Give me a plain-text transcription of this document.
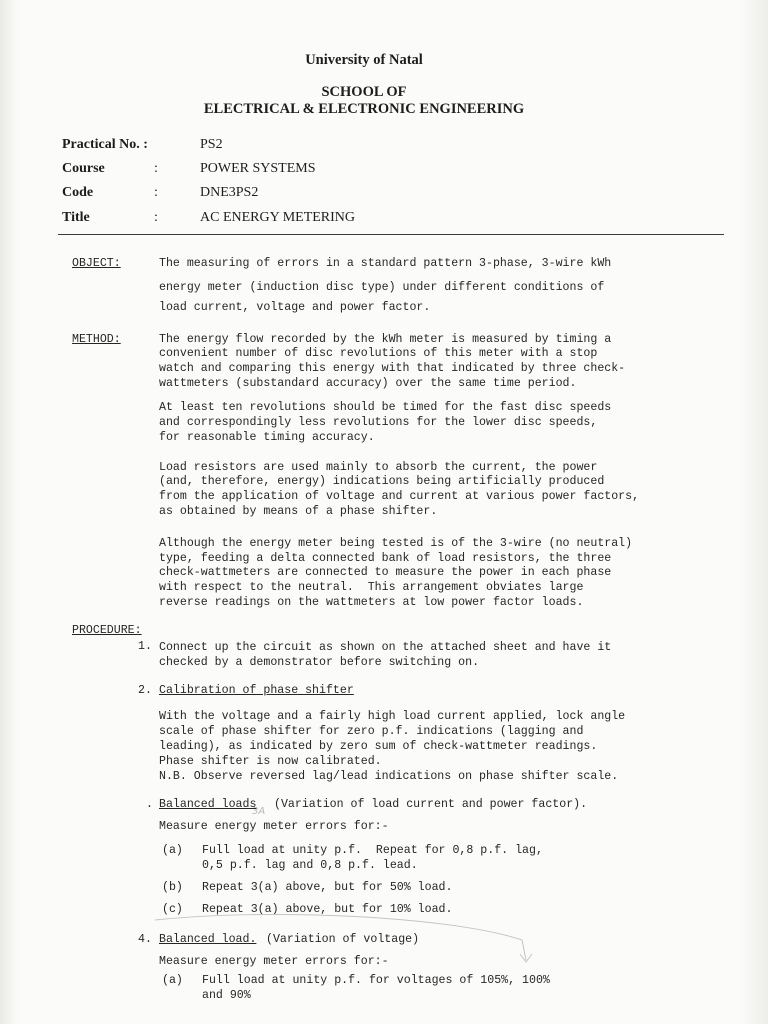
University of Natal
SCHOOL OF
ELECTRICAL & ELECTRONIC ENGINEERING
Practical No. :	PS2
Course	:	POWER SYSTEMS
Code	:	DNE3PS2
Title	:	AC ENERGY METERING
OBJECT:	The measuring of errors in a standard pattern 3-phase, 3-wire kWh
energy meter (induction disc type) under different conditions of
load current, voltage and power factor.
METHOD:	The energy flow recorded by the kWh meter is measured by timing a
convenient number of disc revolutions of this meter with a stop
watch and comparing this energy with that indicated by three check-
wattmeters (substandard accuracy) over the same time period.
At least ten revolutions should be timed for the fast disc speeds
and correspondingly less revolutions for the lower disc speeds,
for reasonable timing accuracy.
Load resistors are used mainly to absorb the current, the power
(and, therefore, energy) indications being artificially produced
from the application of voltage and current at various power factors,
as obtained by means of a phase shifter.
Although the energy meter being tested is of the 3-wire (no neutral)
type, feeding a delta connected bank of load resistors, the three
check-wattmeters are connected to measure the power in each phase
with respect to the neutral.  This arrangement obviates large
reverse readings on the wattmeters at low power factor loads.
PROCEDURE:
1. Connect up the circuit as shown on the attached sheet and have it
checked by a demonstrator before switching on.
2. Calibration of phase shifter
With the voltage and a fairly high load current applied, lock angle
scale of phase shifter for zero p.f. indications (lagging and
leading), as indicated by zero sum of check-wattmeter readings.
Phase shifter is now calibrated.
N.B. Observe reversed lag/lead indications on phase shifter scale.
. Balanced loads (Variation of load current and power factor).
Measure energy meter errors for:-
3A
(a) Full load at unity p.f.  Repeat for 0,8 p.f. lag,
0,5 p.f. lag and 0,8 p.f. lead.
(b) Repeat 3(a) above, but for 50% load.
(c) Repeat 3(a) above, but for 10% load.
4. Balanced load. (Variation of voltage)
Measure energy meter errors for:-
(a) Full load at unity p.f. for voltages of 105%, 100%
and 90%
